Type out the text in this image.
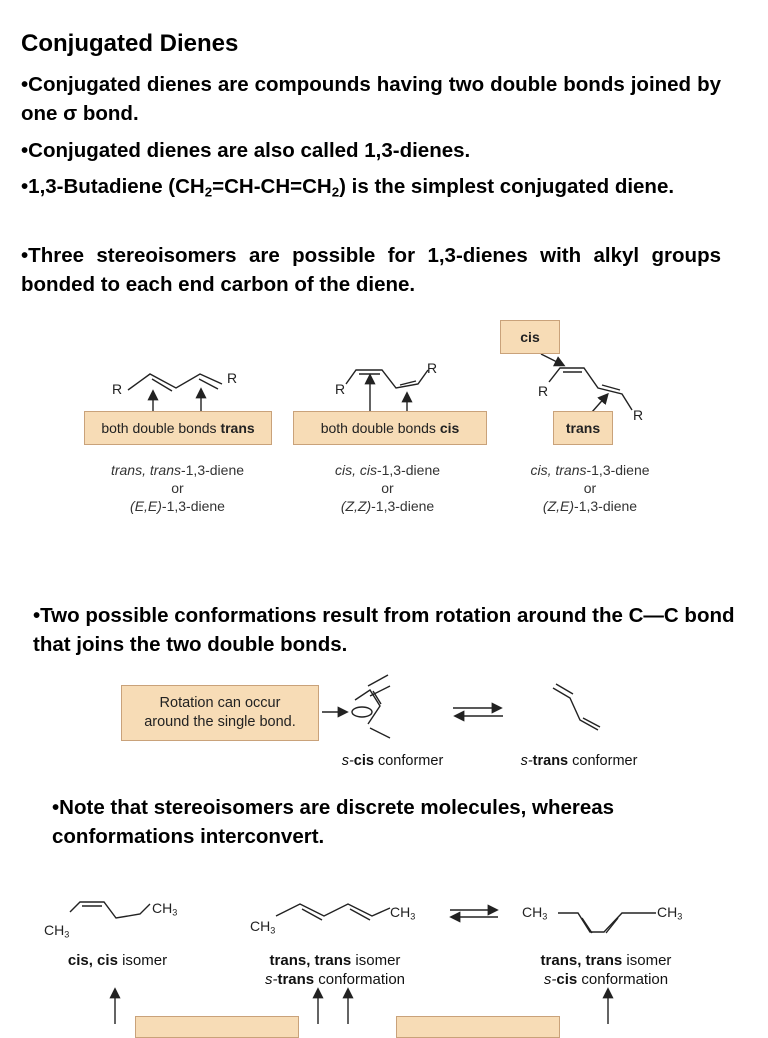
Conjugated Dienes
•Conjugated dienes are compounds having two double bonds joined by one σ bond.
•Conjugated dienes are also called 1,3-dienes.
•1,3-Butadiene $(CH_2=CH-CH=CH_2)$ is the simplest conjugated diene.
•Three stereoisomers are possible for 1,3-dienes with alkyl groups bonded to each end carbon of the diene.
R
R
R
R
R
R
both double bonds trans	both double bonds cis
cis
trans
trans, trans-1,3-diene
or
(E,E)-1,3-diene
cis, cis-1,3-diene
or
(Z,Z)-1,3-diene
cis, trans-1,3-diene
or
(Z,E)-1,3-diene
•Two possible conformations result from rotation around the C—C bond that joins the two double bonds.
Rotation can occur
around the single bond.
s-cis conformer	s-trans conformer
•Note that stereoisomers are discrete molecules, whereas conformations interconvert.
$CH_3$
$CH_3$
$CH_3$
$CH_3$	$CH_3$	$CH_3$
cis, cis isomer	trans, trans isomer
s-trans conformation
trans, trans isomer
s-cis conformation
